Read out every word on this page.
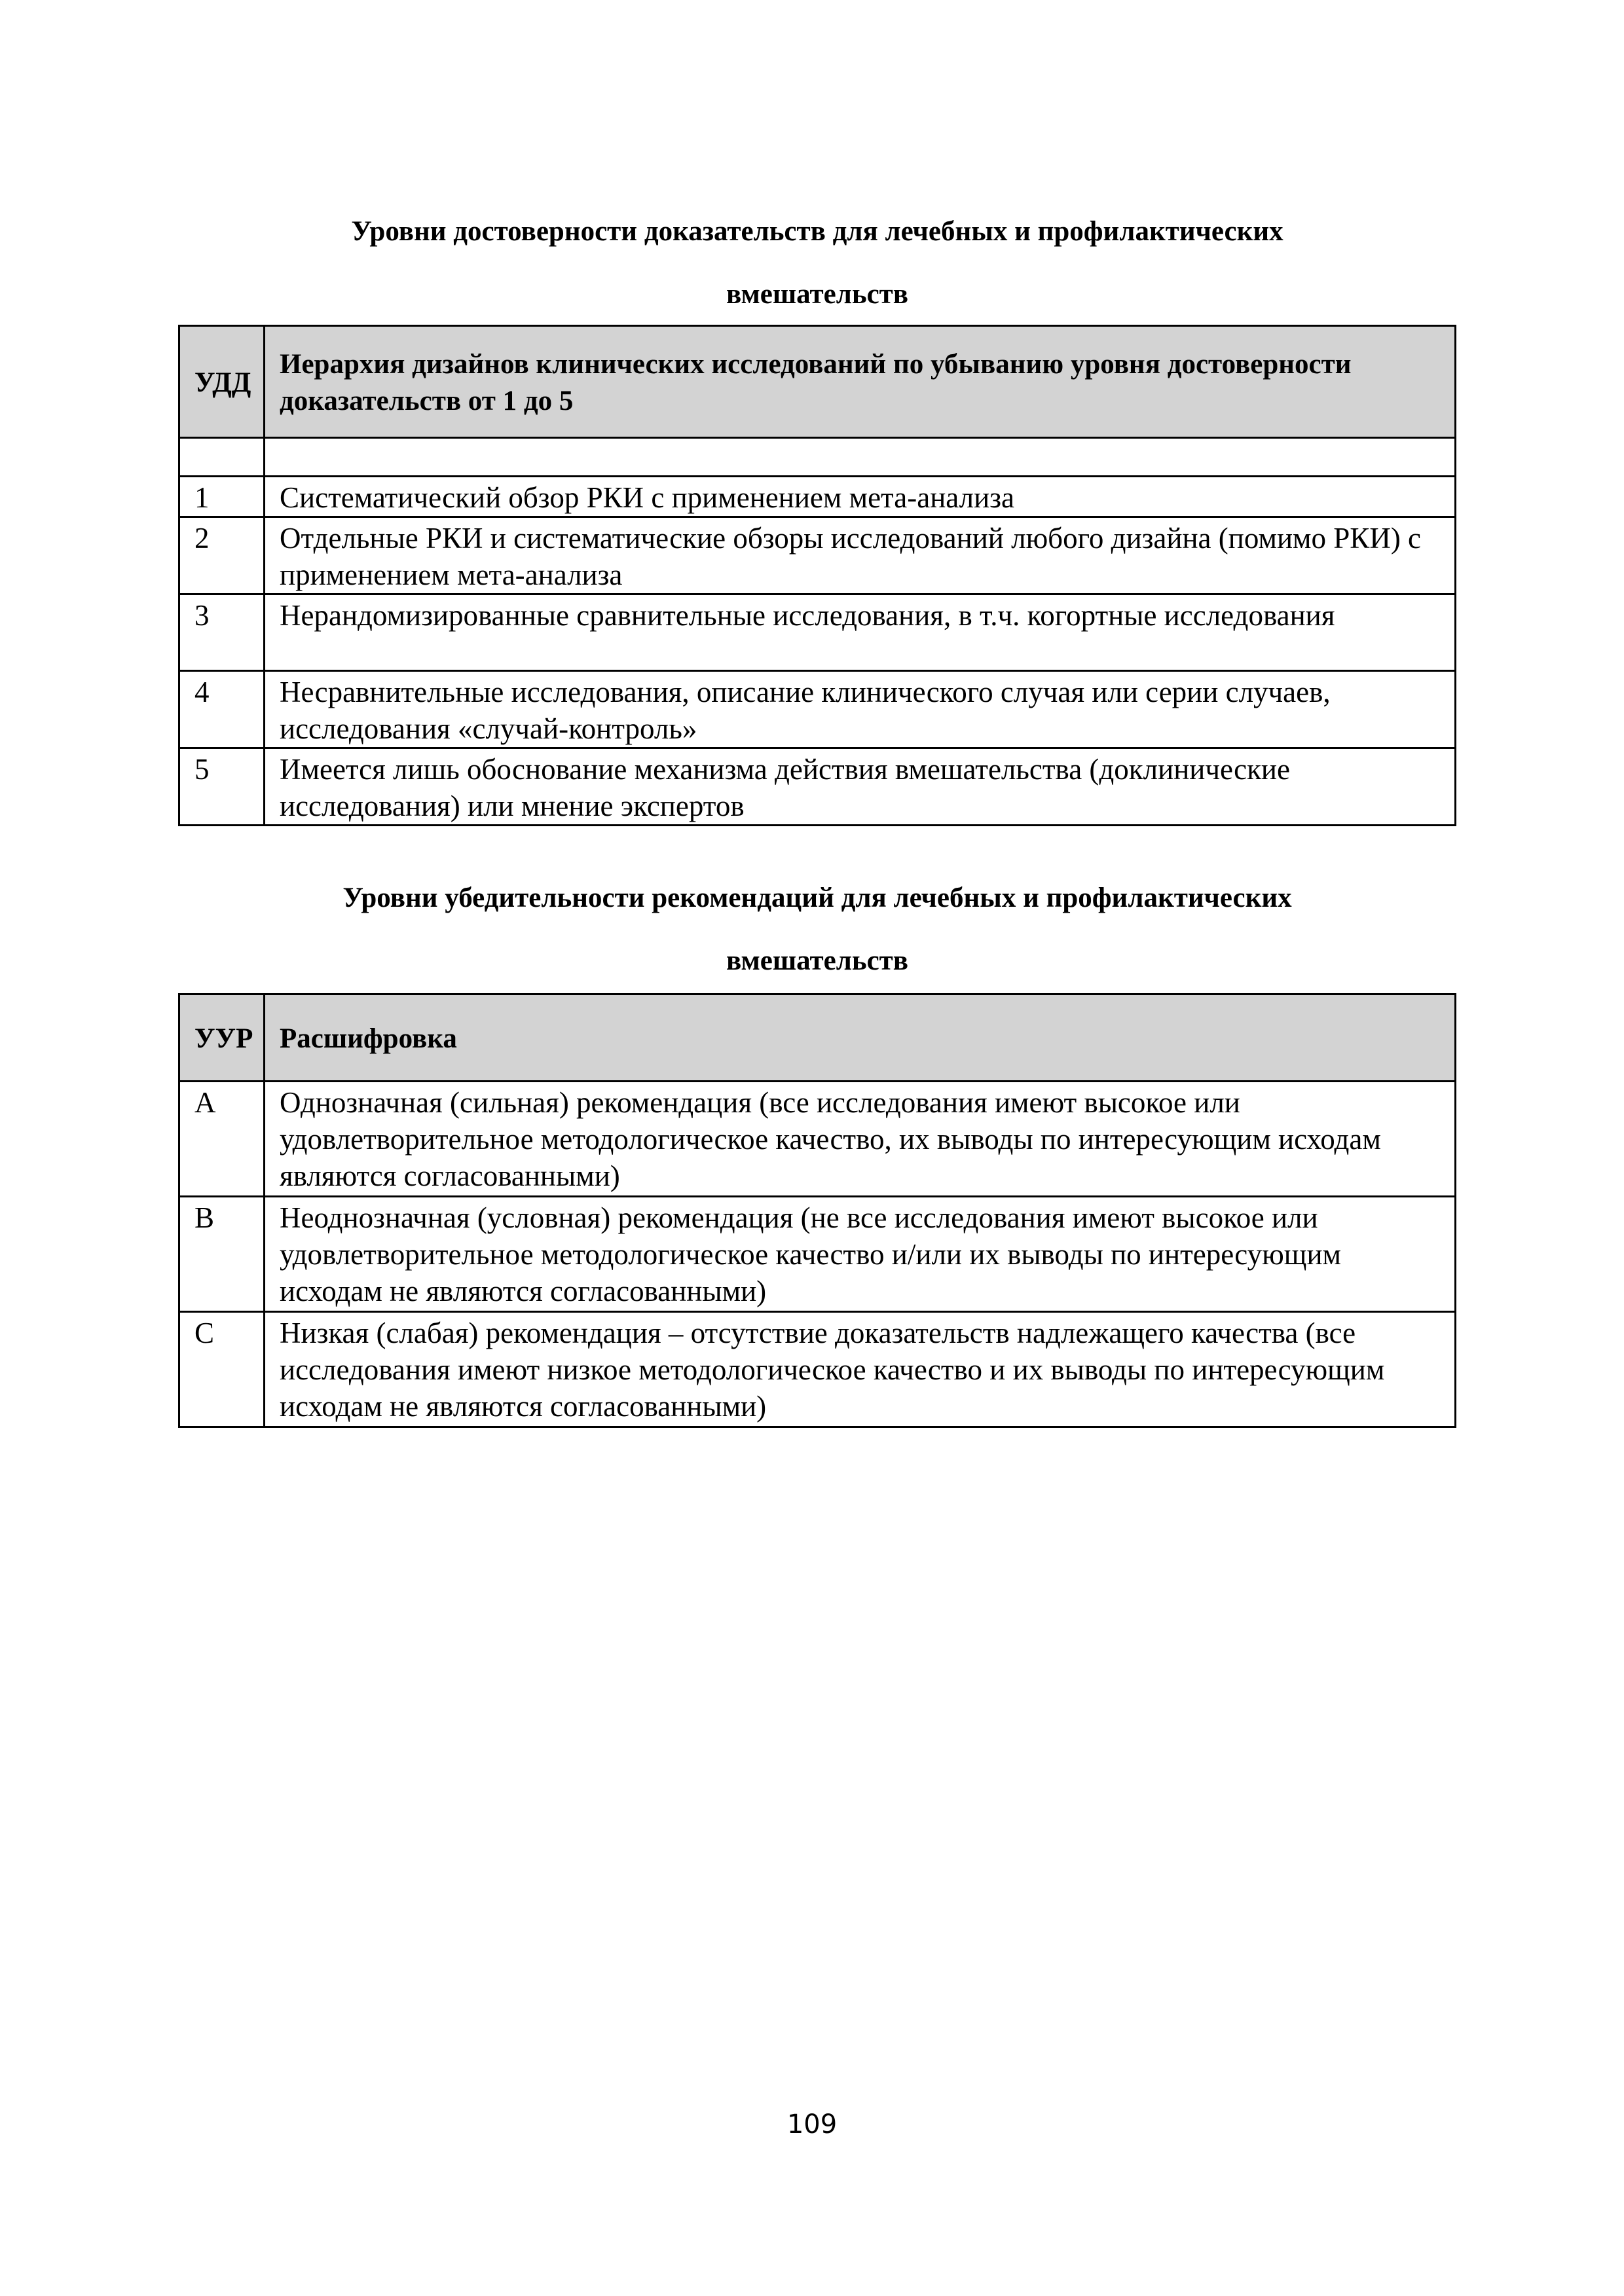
Уровни достоверности доказательств для лечебных и профилактических
вмешательств
УДД	Иерархия дизайнов клинических исследований по убыванию уровня достоверности доказательств от 1 до 5

1	Систематический обзор РКИ с применением мета-анализа
2	Отдельные РКИ и систематические обзоры исследований любого дизайна (помимо РКИ) с применением мета-анализа
3	Нерандомизированные сравнительные исследования, в т.ч. когортные исследования
4	Несравнительные исследования, описание клинического случая или серии случаев, исследования «случай-контроль»
5	Имеется лишь обоснование механизма действия вмешательства (доклинические исследования) или мнение экспертов
Уровни убедительности рекомендаций для лечебных и профилактических
вмешательств
УУР	Расшифровка
A	Однозначная (сильная) рекомендация (все исследования имеют высокое или удовлетворительное методологическое качество, их выводы по интересующим исходам являются согласованными)
B	Неоднозначная (условная) рекомендация (не все исследования имеют высокое или удовлетворительное методологическое качество и/или их выводы по интересующим исходам не являются согласованными)
C	Низкая (слабая) рекомендация – отсутствие доказательств надлежащего качества (все исследования имеют низкое методологическое качество и их выводы по интересующим исходам не являются согласованными)
109
